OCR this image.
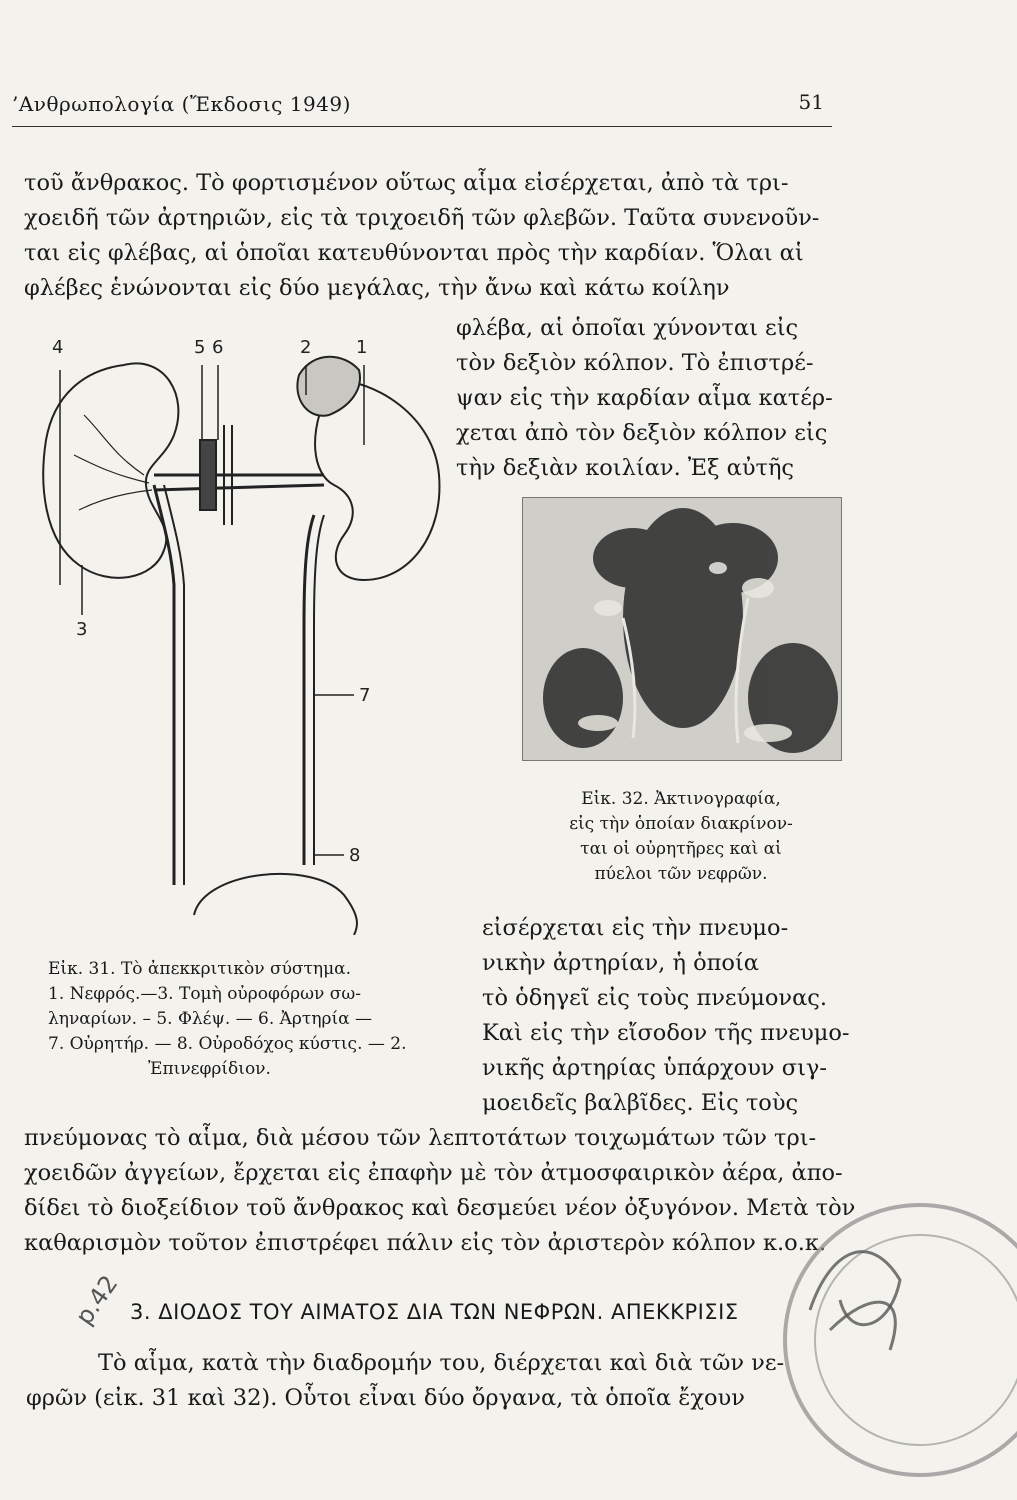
’Ανθρωπολογία (Ἔκδοσις 1949)	51
τοῦ ἄνθρακος. Τὸ φορτισμένον οὕτως αἷμα εἰσέρχεται, ἀπὸ τὰ τρι-
χοειδῆ τῶν ἀρτηριῶν, εἰς τὰ τριχοειδῆ τῶν φλεβῶν. Ταῦτα συνενοῦν-
ται εἰς φλέβας, αἱ ὁποῖαι κατευθύνονται πρὸς τὴν καρδίαν. Ὅλαι αἱ
φλέβες ἑνώνονται εἰς δύο μεγάλας, τὴν ἄνω καὶ κάτω κοίλην
φλέβα, αἱ ὁποῖαι χύνονται εἰς
τὸν δεξιὸν κόλπον. Τὸ ἐπιστρέ-
ψαν εἰς τὴν καρδίαν αἷμα κατέρ-
χεται ἀπὸ τὸν δεξιὸν κόλπον εἰς
τὴν δεξιὰν κοιλίαν. Ἐξ αὐτῆς
4	5 6	2 1
3
7
8
Εἰκ. 32. Ἀκτινογραφία,
εἰς τὴν ὁποίαν διακρίνον-
ται οἱ οὐρητῆρες καὶ αἱ
πύελοι τῶν νεφρῶν.
εἰσέρχεται εἰς τὴν πνευμο-
νικὴν ἀρτηρίαν, ἡ ὁποία
τὸ ὁδηγεῖ εἰς τοὺς πνεύμονας.
Καὶ εἰς τὴν εἴσοδον τῆς πνευμο-
νικῆς ἀρτηρίας ὑπάρχουν σιγ-
μοειδεῖς βαλβῖδες. Εἰς τοὺς
Εἰκ. 31. Τὸ ἀπεκκριτικὸν σύστημα.
1. Νεφρός.—3. Τομὴ οὐροφόρων σω-
ληναρίων. – 5. Φλέψ. — 6. Ἀρτηρία —
7. Οὐρητήρ. — 8. Οὐροδόχος κύστις. — 2.
Ἐπινεφρίδιον.
πνεύμονας τὸ αἷμα, διὰ μέσου τῶν λεπτοτάτων τοιχωμάτων τῶν τρι-
χοειδῶν ἀγγείων, ἔρχεται εἰς ἐπαφὴν μὲ τὸν ἀτμοσφαιρικὸν ἀέρα, ἀπο-
δίδει τὸ διοξείδιον τοῦ ἄνθρακος καὶ δεσμεύει νέον ὀξυγόνον. Μετὰ τὸν
καθαρισμὸν τοῦτον ἐπιστρέφει πάλιν εἰς τὸν ἀριστερὸν κόλπον κ.ο.κ.
3. ΔΙΟΔΟΣ ΤΟΥ ΑΙΜΑΤΟΣ ΔΙΑ ΤΩΝ ΝΕΦΡΩΝ. ΑΠΕΚΚΡΙΣΙΣ
Τὸ αἷμα, κατὰ τὴν διαδρομήν του, διέρχεται καὶ διὰ τῶν νε-
φρῶν (εἰκ. 31 καὶ 32). Οὗτοι εἶναι δύο ὄργανα, τὰ ὁποῖα ἔχουν
p.42
